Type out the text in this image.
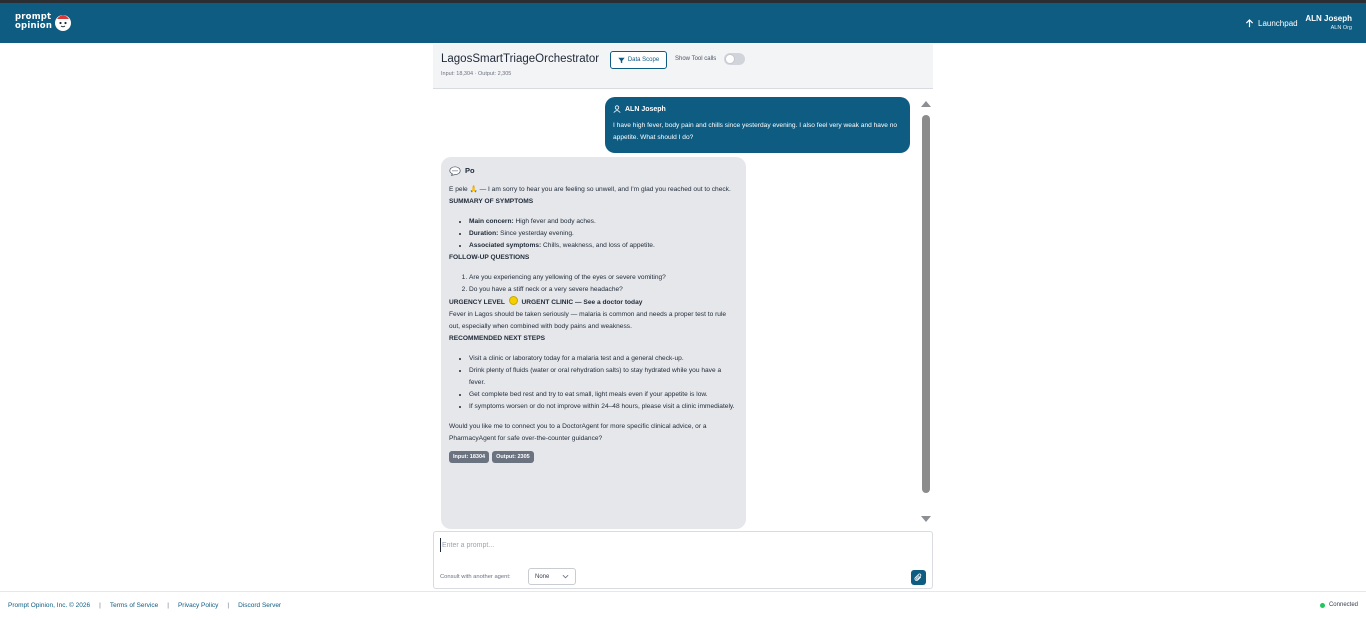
prompt
opinion	Launchpad ALN Joseph
ALN Org
LagosSmartTriageOrchestrator
Input: 18,304 · Output: 2,305
Data Scope	Show Tool calls
ALN Joseph
I have high fever, body pain and chills since yesterday evening. I also feel very weak and have no appetite. What should I do?
Po

E pele 🙏 — I am sorry to hear you are feeling so unwell, and I'm glad you reached out to check.

SUMMARY OF SYMPTOMS

• Main concern: High fever and body aches.
• Duration: Since yesterday evening.
• Associated symptoms: Chills, weakness, and loss of appetite.

FOLLOW-UP QUESTIONS

1. Are you experiencing any yellowing of the eyes or severe vomiting?
2. Do you have a stiff neck or a very severe headache?

URGENCY LEVEL	URGENT CLINIC — See a doctor today

Fever in Lagos should be taken seriously — malaria is common and needs a proper test to rule out, especially when combined with body pains and weakness.

RECOMMENDED NEXT STEPS

• Visit a clinic or laboratory today for a malaria test and a general check-up.
• Drink plenty of fluids (water or oral rehydration salts) to stay hydrated while you have a fever.
• Get complete bed rest and try to eat small, light meals even if your appetite is low.
• If symptoms worsen or do not improve within 24–48 hours, please visit a clinic immediately.

Would you like me to connect you to a DoctorAgent for more specific clinical advice, or a PharmacyAgent for safe over-the-counter guidance?

Input: 18304	Output: 2305
Enter a prompt...
Consult with another agent:	None
Prompt Opinion, Inc. © 2026 | Terms of Service | Privacy Policy | Discord Server	Connected
